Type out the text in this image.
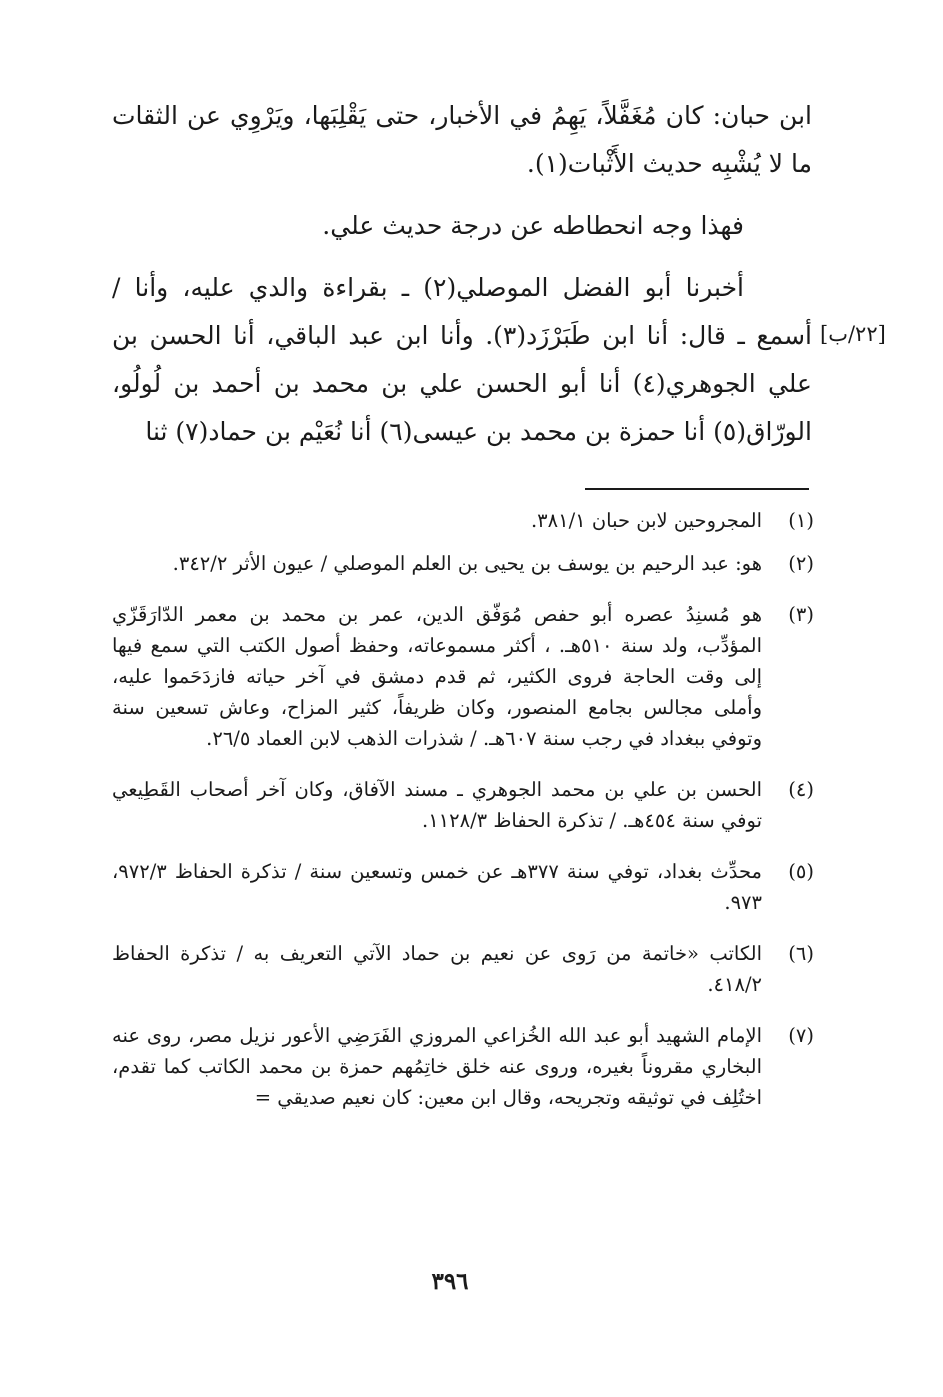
ابن حبان: كان مُغَفَّلاً، يَهِمُ في الأخبار، حتى يَقْلِبَها، ويَرْوِي عن الثقات ما لا يُشْبِه حديث الأَثْبات(١).

فهذا وجه انحطاطه عن درجة حديث علي.

أخبرنا أبو الفضل الموصلي(٢) ـ بقراءة والدي عليه، وأنا / أسمع ـ قال: أنا ابن طَبَرْزَد(٣). وأنا ابن عبد الباقي، أنا الحسن بن علي الجوهري(٤) أنا أبو الحسن علي بن محمد بن أحمد بن لُولُو، الورّاق(٥) أنا حمزة بن محمد بن عيسى(٦) أنا نُعَيْم بن حماد(٧) ثنا

[٢٢/ب]
(١)
المجروحين لابن حبان ٣٨١/١.
(٢)
هو: عبد الرحيم بن يوسف بن يحيى بن العلم الموصلي / عيون الأثر ٣٤٢/٢.
(٣)
هو مُسنِدُ عصره أبو حفص مُوَفّق الدين، عمر بن محمد بن معمر الدّارَقَزّي المؤدِّب، ولد سنة ٥١٠هـ. ، أكثر مسموعاته، وحفظ أصول الكتب التي سمع فيها إلى وقت الحاجة فروى الكثير، ثم قدم دمشق في آخر حياته فازدَحَموا عليه، وأملى مجالس بجامع المنصور، وكان ظريفاً، كثير المزاح، وعاش تسعين سنة وتوفي ببغداد في رجب سنة ٦٠٧هـ. / شذرات الذهب لابن العماد ٢٦/٥.
(٤)
الحسن بن علي بن محمد الجوهري ـ مسند الآفاق، وكان آخر أصحاب القَطِيعي توفي سنة ٤٥٤هـ. / تذكرة الحفاظ ١١٢٨/٣.
(٥)
محدِّث بغداد، توفي سنة ٣٧٧هـ عن خمس وتسعين سنة / تذكرة الحفاظ ٩٧٢/٣، ٩٧٣.
(٦)
الكاتب «خاتمة من رَوى عن نعيم بن حماد الآتي التعريف به / تذكرة الحفاظ ٤١٨/٢.
(٧)
الإمام الشهيد أبو عبد الله الخُزاعي المروزي الفَرَضِي الأعور نزيل مصر، روى عنه البخاري مقروناً بغيره، وروى عنه خلق خاتِمُهم حمزة بن محمد الكاتب كما تقدم، اختُلِف في توثيقه وتجريحه، وقال ابن معين: كان نعيم صديقي =
٣٩٦
